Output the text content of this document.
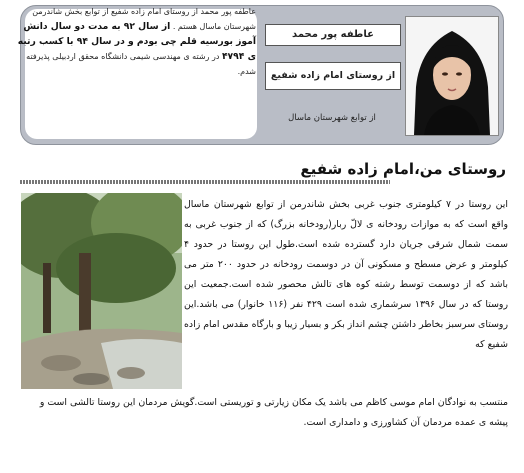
عاطفه پور محمد از روستای امام زاده شفیع از توابع بخش شاندرمن شهرستان ماسال هستم . از سال ۹۲ به مدت دو سال دانش آموز بورسیه قلم چی بودم و در سال ۹۴ با کسب رتبه ی ۴۷۹۴ در رشته ی مهندسی شیمی دانشگاه محقق اردبیلی پذیرفته شدم.
عاطفه پور محمد
از روستای امام زاده شفیع
از توابع شهرستان ماسال
روستای من،امام زاده شفیع
این روستا در ۷ کیلومتری جنوب غربی بخش شاندرمن از توابع شهرستان ماسال واقع است که به موازات رودخانه ی لالّ ربار(رودخانه بزرگ) که از جنوب غربی به سمت شمال شرقی جریان دارد گسترده شده است.طول این روستا در حدود ۴ کیلومتر و عرض مسطح و مسکونی آن در دوسمت رودخانه در حدود ۲۰۰ متر می باشد که از دوسمت توسط رشته کوه های تالش محصور شده است.جمعیت این روستا که در سال ۱۳۹۶ سرشماری شده است ۴۲۹ نفر (۱۱۶ خانوار) می باشد.این روستای سرسبز بخاطر داشتن چشم انداز بکر و بسیار زیبا و بارگاه مقدس امام زاده شفیع که
منتسب به نوادگان امام موسی کاظم می باشد یک مکان زیارتی و توریستی است.گویش مردمان این روستا تالشی است و پیشه ی عمده مردمان آن کشاورزی و دامداری است.
